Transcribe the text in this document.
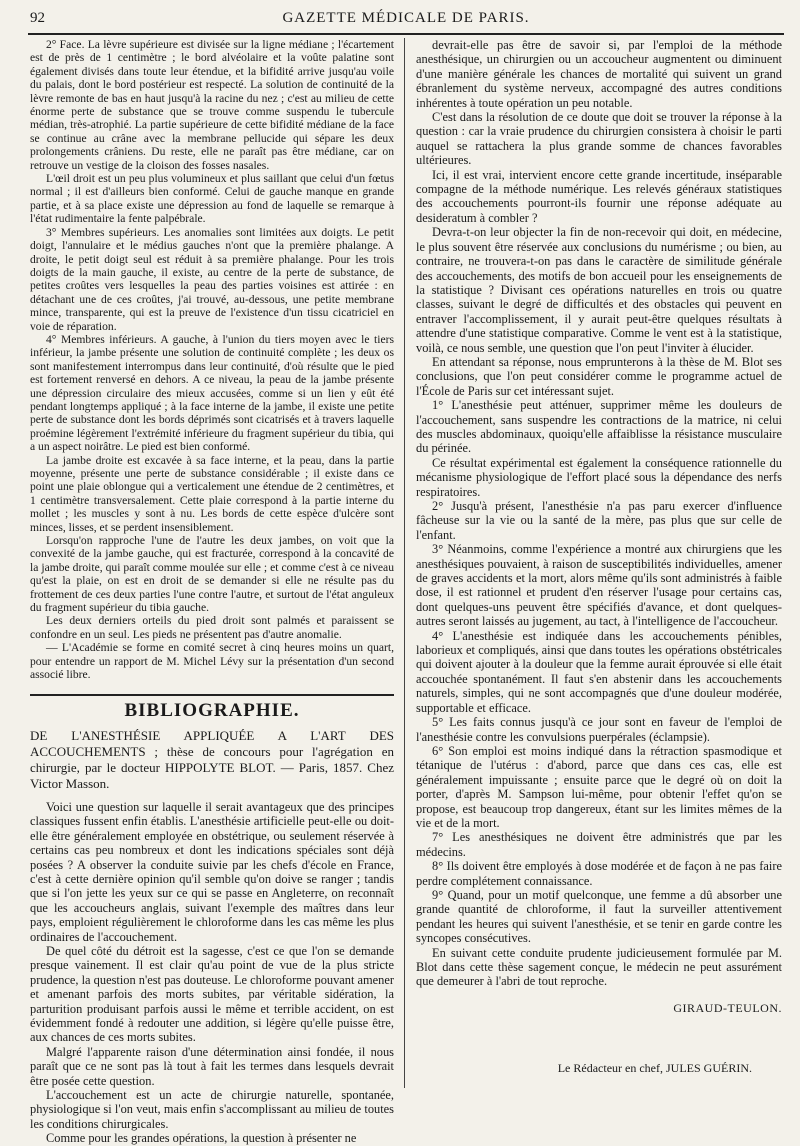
92	GAZETTE MÉDICALE DE PARIS.

2° Face. La lèvre supérieure est divisée sur la ligne médiane ; l'écartement est de près de 1 centimètre ; le bord alvéolaire et la voûte palatine sont également divisés dans toute leur étendue, et la bifidité arrive jusqu'au voile du palais, dont le bord postérieur est respecté. La solution de continuité de la lèvre remonte de bas en haut jusqu'à la racine du nez ; c'est au milieu de cette énorme perte de substance que se trouve comme suspendu le tubercule médian, très-atrophié. La partie supérieure de cette bifidité médiane de la face se continue au crâne avec la membrane pellucide qui sépare les deux prolongements crâniens. Du reste, elle ne paraît pas être médiane, car on retrouve un vestige de la cloison des fosses nasales.

L'œil droit est un peu plus volumineux et plus saillant que celui d'un fœtus normal ; il est d'ailleurs bien conformé. Celui de gauche manque en grande partie, et à sa place existe une dépression au fond de laquelle se remarque à l'état rudimentaire la fente palpébrale.

3° Membres supérieurs. Les anomalies sont limitées aux doigts. Le petit doigt, l'annulaire et le médius gauches n'ont que la première phalange. A droite, le petit doigt seul est réduit à sa première phalange. Pour les trois doigts de la main gauche, il existe, au centre de la perte de substance, de petites croûtes vers lesquelles la peau des parties voisines est attirée : en détachant une de ces croûtes, j'ai trouvé, au-dessous, une petite membrane mince, transparente, qui est la preuve de l'existence d'un tissu cicatriciel en voie de réparation.

4° Membres inférieurs. A gauche, à l'union du tiers moyen avec le tiers inférieur, la jambe présente une solution de continuité complète ; les deux os sont manifestement interrompus dans leur continuité, d'où résulte que le pied est fortement renversé en dehors. A ce niveau, la peau de la jambe présente une dépression circulaire des mieux accusées, comme si un lien y eût été pendant longtemps appliqué ; à la face interne de la jambe, il existe une petite perte de substance dont les bords déprimés sont cicatrisés et à travers laquelle proémine légèrement l'extrémité inférieure du fragment supérieur du tibia, qui a un aspect noirâtre. Le pied est bien conformé.

La jambe droite est excavée à sa face interne, et la peau, dans la partie moyenne, présente une perte de substance considérable ; il existe dans ce point une plaie oblongue qui a verticalement une étendue de 2 centimètres, et 1 centimètre transversalement. Cette plaie correspond à la partie interne du mollet ; les muscles y sont à nu. Les bords de cette espèce d'ulcère sont minces, lisses, et se perdent insensiblement.

Lorsqu'on rapproche l'une de l'autre les deux jambes, on voit que la convexité de la jambe gauche, qui est fracturée, correspond à la concavité de la jambe droite, qui paraît comme moulée sur elle ; et comme c'est à ce niveau qu'est la plaie, on est en droit de se demander si elle ne résulte pas du frottement de ces deux parties l'une contre l'autre, et surtout de l'état anguleux du fragment supérieur du tibia gauche.

Les deux derniers orteils du pied droit sont palmés et paraissent se confondre en un seul. Les pieds ne présentent pas d'autre anomalie.

— L'Académie se forme en comité secret à cinq heures moins un quart, pour entendre un rapport de M. Michel Lévy sur la présentation d'un second associé libre.

BIBLIOGRAPHIE.

DE L'ANESTHÉSIE APPLIQUÉE A L'ART DES ACCOUCHEMENTS ; thèse de concours pour l'agrégation en chirurgie, par le docteur HIPPOLYTE BLOT. — Paris, 1857. Chez Victor Masson.

Voici une question sur laquelle il serait avantageux que des principes classiques fussent enfin établis. L'anesthésie artificielle peut-elle ou doit-elle être généralement employée en obstétrique, ou seulement réservée à certains cas peu nombreux et dont les indications spéciales sont déjà posées ? A observer la conduite suivie par les chefs d'école en France, c'est à cette dernière opinion qu'il semble qu'on doive se ranger ; tandis que si l'on jette les yeux sur ce qui se passe en Angleterre, on reconnaît que les accoucheurs anglais, suivant l'exemple des maîtres dans leur pays, emploient régulièrement le chloroforme dans les cas même les plus ordinaires de l'accouchement.

De quel côté du détroit est la sagesse, c'est ce que l'on se demande presque vainement. Il est clair qu'au point de vue de la plus stricte prudence, la question n'est pas douteuse. Le chloroforme pouvant amener et amenant parfois des morts subites, par véritable sidération, la parturition produisant parfois aussi le même et terrible accident, on est évidemment fondé à redouter une addition, si légère qu'elle puisse être, aux chances de ces morts subites.

Malgré l'apparente raison d'une détermination ainsi fondée, il nous paraît que ce ne sont pas là tout à fait les termes dans lesquels devrait être posée cette question.

L'accouchement est un acte de chirurgie naturelle, spontanée, physiologique si l'on veut, mais enfin s'accomplissant au milieu de toutes les conditions chirurgicales.

Comme pour les grandes opérations, la question à présenter ne

devrait-elle pas être de savoir si, par l'emploi de la méthode anesthésique, un chirurgien ou un accoucheur augmentent ou diminuent d'une manière générale les chances de mortalité qui suivent un grand ébranlement du système nerveux, accompagné des autres conditions inhérentes à toute opération un peu notable.

C'est dans la résolution de ce doute que doit se trouver la réponse à la question : car la vraie prudence du chirurgien consistera à choisir le parti auquel se rattachera la plus grande somme de chances favorables ultérieures.

Ici, il est vrai, intervient encore cette grande incertitude, inséparable compagne de la méthode numérique. Les relevés généraux statistiques des accouchements pourront-ils fournir une réponse adéquate au desideratum à combler ?

Devra-t-on leur objecter la fin de non-recevoir qui doit, en médecine, le plus souvent être réservée aux conclusions du numérisme ; ou bien, au contraire, ne trouvera-t-on pas dans le caractère de similitude générale des accouchements, des motifs de bon accueil pour les enseignements de la statistique ? Divisant ces opérations naturelles en trois ou quatre classes, suivant le degré de difficultés et des obstacles qui peuvent en entraver l'accomplissement, il y aurait peut-être quelques résultats à attendre d'une statistique comparative. Comme le vent est à la statistique, voilà, ce nous semble, une question que l'on peut l'inviter à élucider.

En attendant sa réponse, nous emprunterons à la thèse de M. Blot ses conclusions, que l'on peut considérer comme le programme actuel de l'École de Paris sur cet intéressant sujet.

1° L'anesthésie peut atténuer, supprimer même les douleurs de l'accouchement, sans suspendre les contractions de la matrice, ni celui des muscles abdominaux, quoiqu'elle affaiblisse la résistance musculaire du périnée.

Ce résultat expérimental est également la conséquence rationnelle du mécanisme physiologique de l'effort placé sous la dépendance des nerfs respiratoires.

2° Jusqu'à présent, l'anesthésie n'a pas paru exercer d'influence fâcheuse sur la vie ou la santé de la mère, pas plus que sur celle de l'enfant.

3° Néanmoins, comme l'expérience a montré aux chirurgiens que les anesthésiques pouvaient, à raison de susceptibilités individuelles, amener de graves accidents et la mort, alors même qu'ils sont administrés à faible dose, il est rationnel et prudent d'en réserver l'usage pour certains cas, dont quelques-uns peuvent être spécifiés d'avance, et dont quelques-autres seront laissés au jugement, au tact, à l'intelligence de l'accoucheur.

4° L'anesthésie est indiquée dans les accouchements pénibles, laborieux et compliqués, ainsi que dans toutes les opérations obstétricales qui doivent ajouter à la douleur que la femme aurait éprouvée si elle était accouchée spontanément. Il faut s'en abstenir dans les accouchements naturels, simples, qui ne sont accompagnés que d'une douleur modérée, supportable et efficace.

5° Les faits connus jusqu'à ce jour sont en faveur de l'emploi de l'anesthésie contre les convulsions puerpérales (éclampsie).

6° Son emploi est moins indiqué dans la rétraction spasmodique et tétanique de l'utérus : d'abord, parce que dans ces cas, elle est généralement impuissante ; ensuite parce que le degré où on doit la porter, d'après M. Sampson lui-même, pour obtenir l'effet qu'on se propose, est beaucoup trop dangereux, étant sur les limites mêmes de la vie et de la mort.

7° Les anesthésiques ne doivent être administrés que par les médecins.

8° Ils doivent être employés à dose modérée et de façon à ne pas faire perdre complétement connaissance.

9° Quand, pour un motif quelconque, une femme a dû absorber une grande quantité de chloroforme, il faut la surveiller attentivement pendant les heures qui suivent l'anesthésie, et se tenir en garde contre les syncopes consécutives.

En suivant cette conduite prudente judicieusement formulée par M. Blot dans cette thèse sagement conçue, le médecin ne peut assurément que demeurer à l'abri de tout reproche.

GIRAUD-TEULON.
Le Rédacteur en chef, JULES GUÉRIN.
